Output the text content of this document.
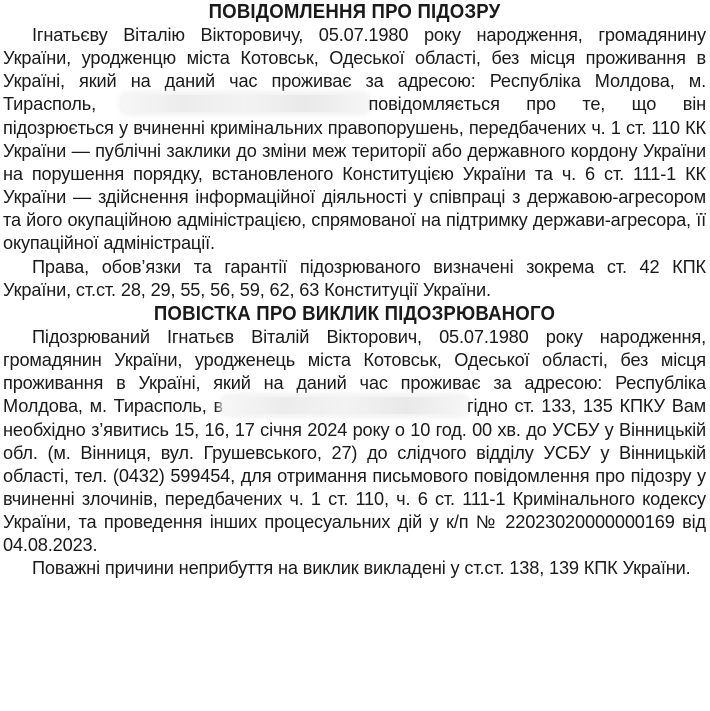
ПОВІДОМЛЕННЯ ПРО ПІДОЗРУ

Ігнатьєву Віталію Вікторовичу, 05.07.1980 року народження, громадянину України, уродженцю міста Котовськ, Одеської області, без місця проживання в Україні, який на даний час проживає за адресою: Республіка Молдова, м. Тирасполь,	повідомляється про те, що він підозрюється у вчиненні кримінальних правопорушень, передбачених ч. 1 ст. 110 КК України — публічні заклики до зміни меж території або державного кордону України на порушення порядку, встановленого Конституцією України та ч. 6 ст. 111-1 КК України — здійснення інформаційної діяльності у співпраці з державою-агресором та його окупаційною адміністрацією, спрямованої на підтримку держави-агресора, її окупаційної адміністрації.

Права, обов’язки та гарантії підозрюваного визначені зокрема ст. 42 КПК України, ст.ст. 28, 29, 55, 56, 59, 62, 63 Конституції України.

ПОВІСТКА ПРО ВИКЛИК ПІДОЗРЮВАНОГО

Підозрюваний Ігнатьєв Віталій Вікторович, 05.07.1980 року народження, громадянин України, уродженець міста Котовськ, Одеської області, без місця проживання в Україні, який на даний час проживає за адресою: Республіка Молдова, м. Тирасполь, в	гідно ст. 133, 135 КПКУ Вам необхідно з’явитись 15, 16, 17 січня 2024 року о 10 год. 00 хв. до УСБУ у Вінницькій обл. (м. Вінниця, вул. Грушевського, 27) до слідчого відділу УСБУ у Вінницькій області, тел. (0432) 599454, для отримання письмового повідомлення про підозру у вчиненні злочинів, передбачених ч. 1 ст. 110, ч. 6 ст. 111-1 Кримінального кодексу України, та проведення інших процесуальних дій у к/п № 22023020000000169 від 04.08.2023.

Поважні причини неприбуття на виклик викладені у ст.ст. 138, 139 КПК України.
